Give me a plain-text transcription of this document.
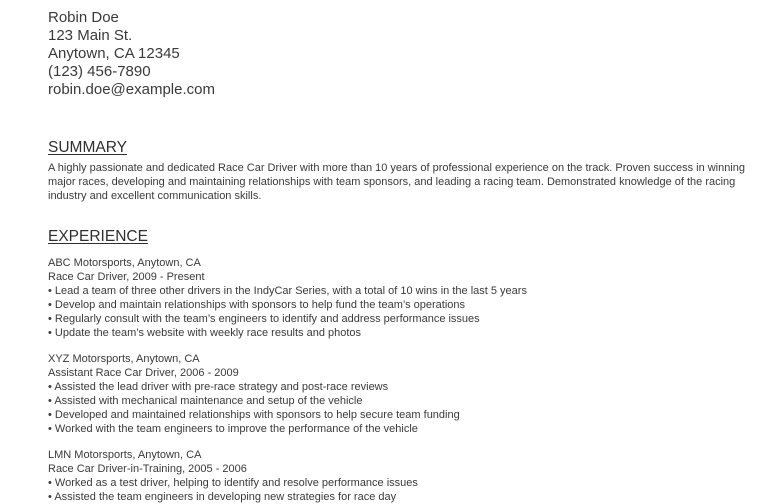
Robin Doe
123 Main St.
Anytown, CA 12345
(123) 456-7890
robin.doe@example.com
SUMMARY
A highly passionate and dedicated Race Car Driver with more than 10 years of professional experience on the track. Proven success in winning major races, developing and maintaining relationships with team sponsors, and leading a racing team. Demonstrated knowledge of the racing industry and excellent communication skills.
EXPERIENCE
ABC Motorsports, Anytown, CA
Race Car Driver, 2009 - Present
• Lead a team of three other drivers in the IndyCar Series, with a total of 10 wins in the last 5 years
• Develop and maintain relationships with sponsors to help fund the team’s operations
• Regularly consult with the team’s engineers to identify and address performance issues
• Update the team’s website with weekly race results and photos
XYZ Motorsports, Anytown, CA
Assistant Race Car Driver, 2006 - 2009
• Assisted the lead driver with pre-race strategy and post-race reviews
• Assisted with mechanical maintenance and setup of the vehicle
• Developed and maintained relationships with sponsors to help secure team funding
• Worked with the team engineers to improve the performance of the vehicle
LMN Motorsports, Anytown, CA
Race Car Driver-in-Training, 2005 - 2006
• Worked as a test driver, helping to identify and resolve performance issues
• Assisted the team engineers in developing new strategies for race day
